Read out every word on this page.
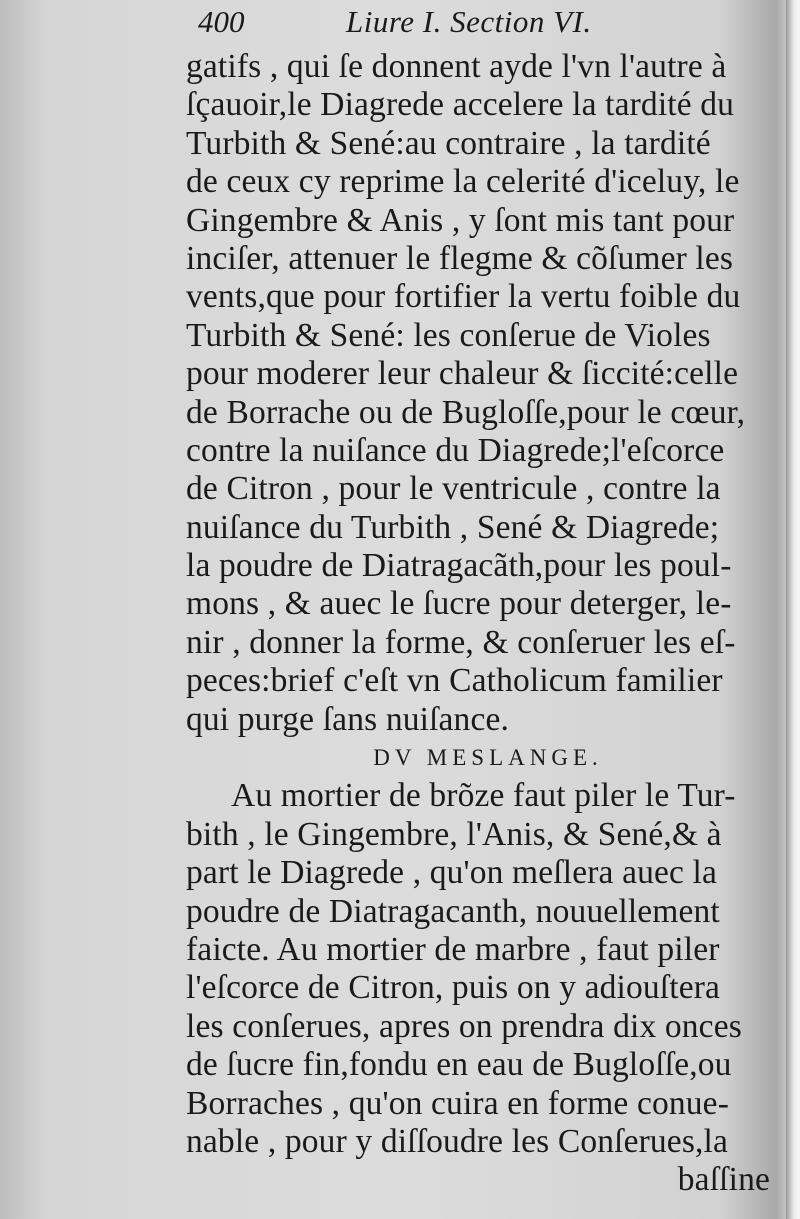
400	Liure I. Section VI.
gatifs , qui ſe donnent ayde l'vn l'autre à
ſçauoir,le Diagrede accelere la tardité du
Turbith & Sené:au contraire , la tardité
de ceux cy reprime la celerité d'iceluy, le
Gingembre & Anis , y ſont mis tant pour
inciſer, attenuer le flegme & cõſumer les
vents,que pour fortifier la vertu foible du
Turbith & Sené: les conſerue de Violes
pour moderer leur chaleur & ſiccité:celle
de Borrache ou de Bugloſſe,pour le cœur,
contre la nuiſance du Diagrede;l'eſcorce
de Citron , pour le ventricule , contre la
nuiſance du Turbith , Sené & Diagrede;
la poudre de Diatragacãth,pour les poul-
mons , & auec le ſucre pour deterger, le-
nir , donner la forme, & conſeruer les eſ-
peces:brief c'eſt vn Catholicum familier
qui purge ſans nuiſance.
DV MESLANGE.
Au mortier de brõze faut piler le Tur-
bith , le Gingembre, l'Anis, & Sené,& à
part le Diagrede , qu'on meſlera auec la
poudre de Diatragacanth, nouuellement
faicte. Au mortier de marbre , faut piler
l'eſcorce de Citron, puis on y adiouſtera
les conſerues, apres on prendra dix onces
de ſucre fin,fondu en eau de Bugloſſe,ou
Borraches , qu'on cuira en forme conue-
nable , pour y diſſoudre les Conſerues,la
baſſine
